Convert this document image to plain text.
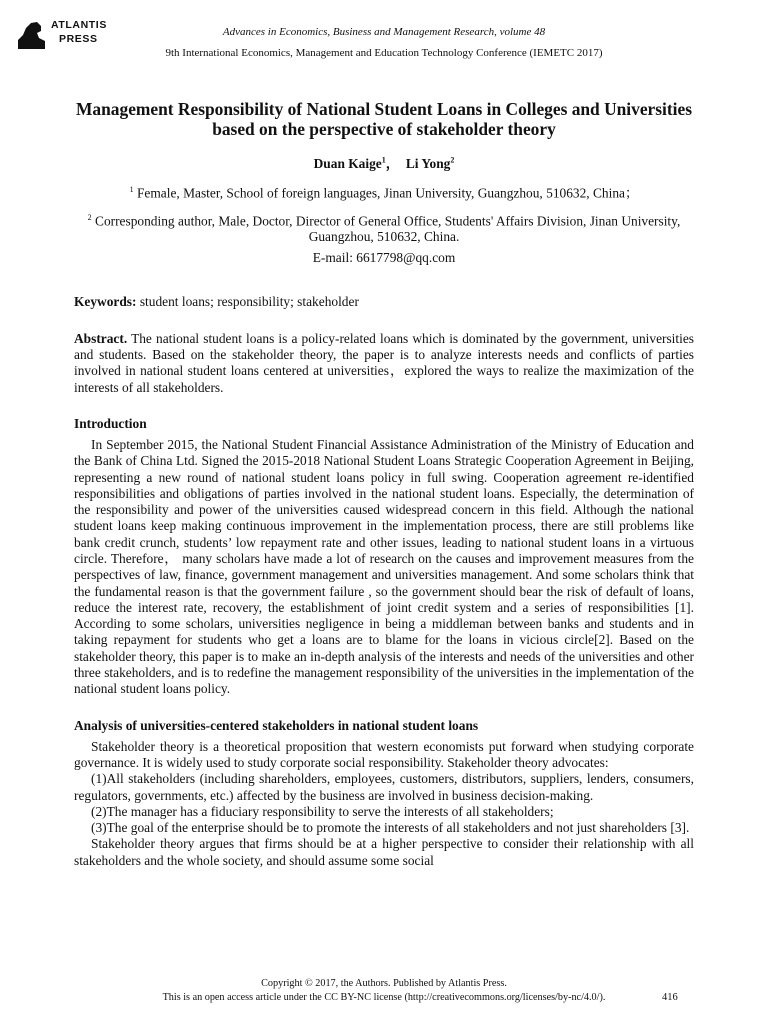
ATLANTIS
PRESS
Advances in Economics, Business and Management Research, volume 48
9th International Economics, Management and Education Technology Conference (IEMETC 2017)
Management Responsibility of National Student Loans in Colleges and Universities based on the perspective of stakeholder theory
Duan Kaige$^1$， Li Yong$^2$
$^1$ Female, Master, School of foreign languages, Jinan University, Guangzhou, 510632, China；
$^2$ Corresponding author, Male, Doctor, Director of General Office, Students' Affairs Division, Jinan University, Guangzhou, 510632, China.
E-mail: 6617798@qq.com

Keywords: student loans; responsibility; stakeholder

Abstract. The national student loans is a policy-related loans which is dominated by the government, universities and students. Based on the stakeholder theory, the paper is to analyze interests needs and conflicts of parties involved in national student loans centered at universities，explored the ways to realize the maximization of the interests of all stakeholders.

Introduction

In September 2015, the National Student Financial Assistance Administration of the Ministry of Education and the Bank of China Ltd. Signed the 2015-2018 National Student Loans Strategic Cooperation Agreement in Beijing, representing a new round of national student loans policy in full swing. Cooperation agreement re-identified responsibilities and obligations of parties involved in the national student loans. Especially, the determination of the responsibility and power of the universities caused widespread concern in this field. Although the national student loans keep making continuous improvement in the implementation process, there are still problems like bank credit crunch, students’ low repayment rate and other issues, leading to national student loans in a virtuous circle. Therefore， many scholars have made a lot of research on the causes and improvement measures from the perspectives of law, finance, government management and universities management. And some scholars think that the fundamental reason is that the government failure , so the government should bear the risk of default of loans, reduce the interest rate, recovery, the establishment of joint credit system and a series of responsibilities [1]. According to some scholars, universities negligence in being a middleman between banks and students and in taking repayment for students who get a loans are to blame for the loans in vicious circle[2]. Based on the stakeholder theory, this paper is to make an in-depth analysis of the interests and needs of the universities and other three stakeholders, and is to redefine the management responsibility of the universities in the implementation of the national student loans policy.

Analysis of universities-centered stakeholders in national student loans

Stakeholder theory is a theoretical proposition that western economists put forward when studying corporate governance. It is widely used to study corporate social responsibility. Stakeholder theory advocates:

(1)All stakeholders (including shareholders, employees, customers, distributors, suppliers, lenders, consumers, regulators, governments, etc.) affected by the business are involved in business decision-making.

(2)The manager has a fiduciary responsibility to serve the interests of all stakeholders;

(3)The goal of the enterprise should be to promote the interests of all stakeholders and not just shareholders [3].

Stakeholder theory argues that firms should be at a higher perspective to consider their relationship with all stakeholders and the whole society, and should assume some social

Copyright © 2017, the Authors. Published by Atlantis Press.
This is an open access article under the CC BY-NC license (http://creativecommons.org/licenses/by-nc/4.0/).	416
